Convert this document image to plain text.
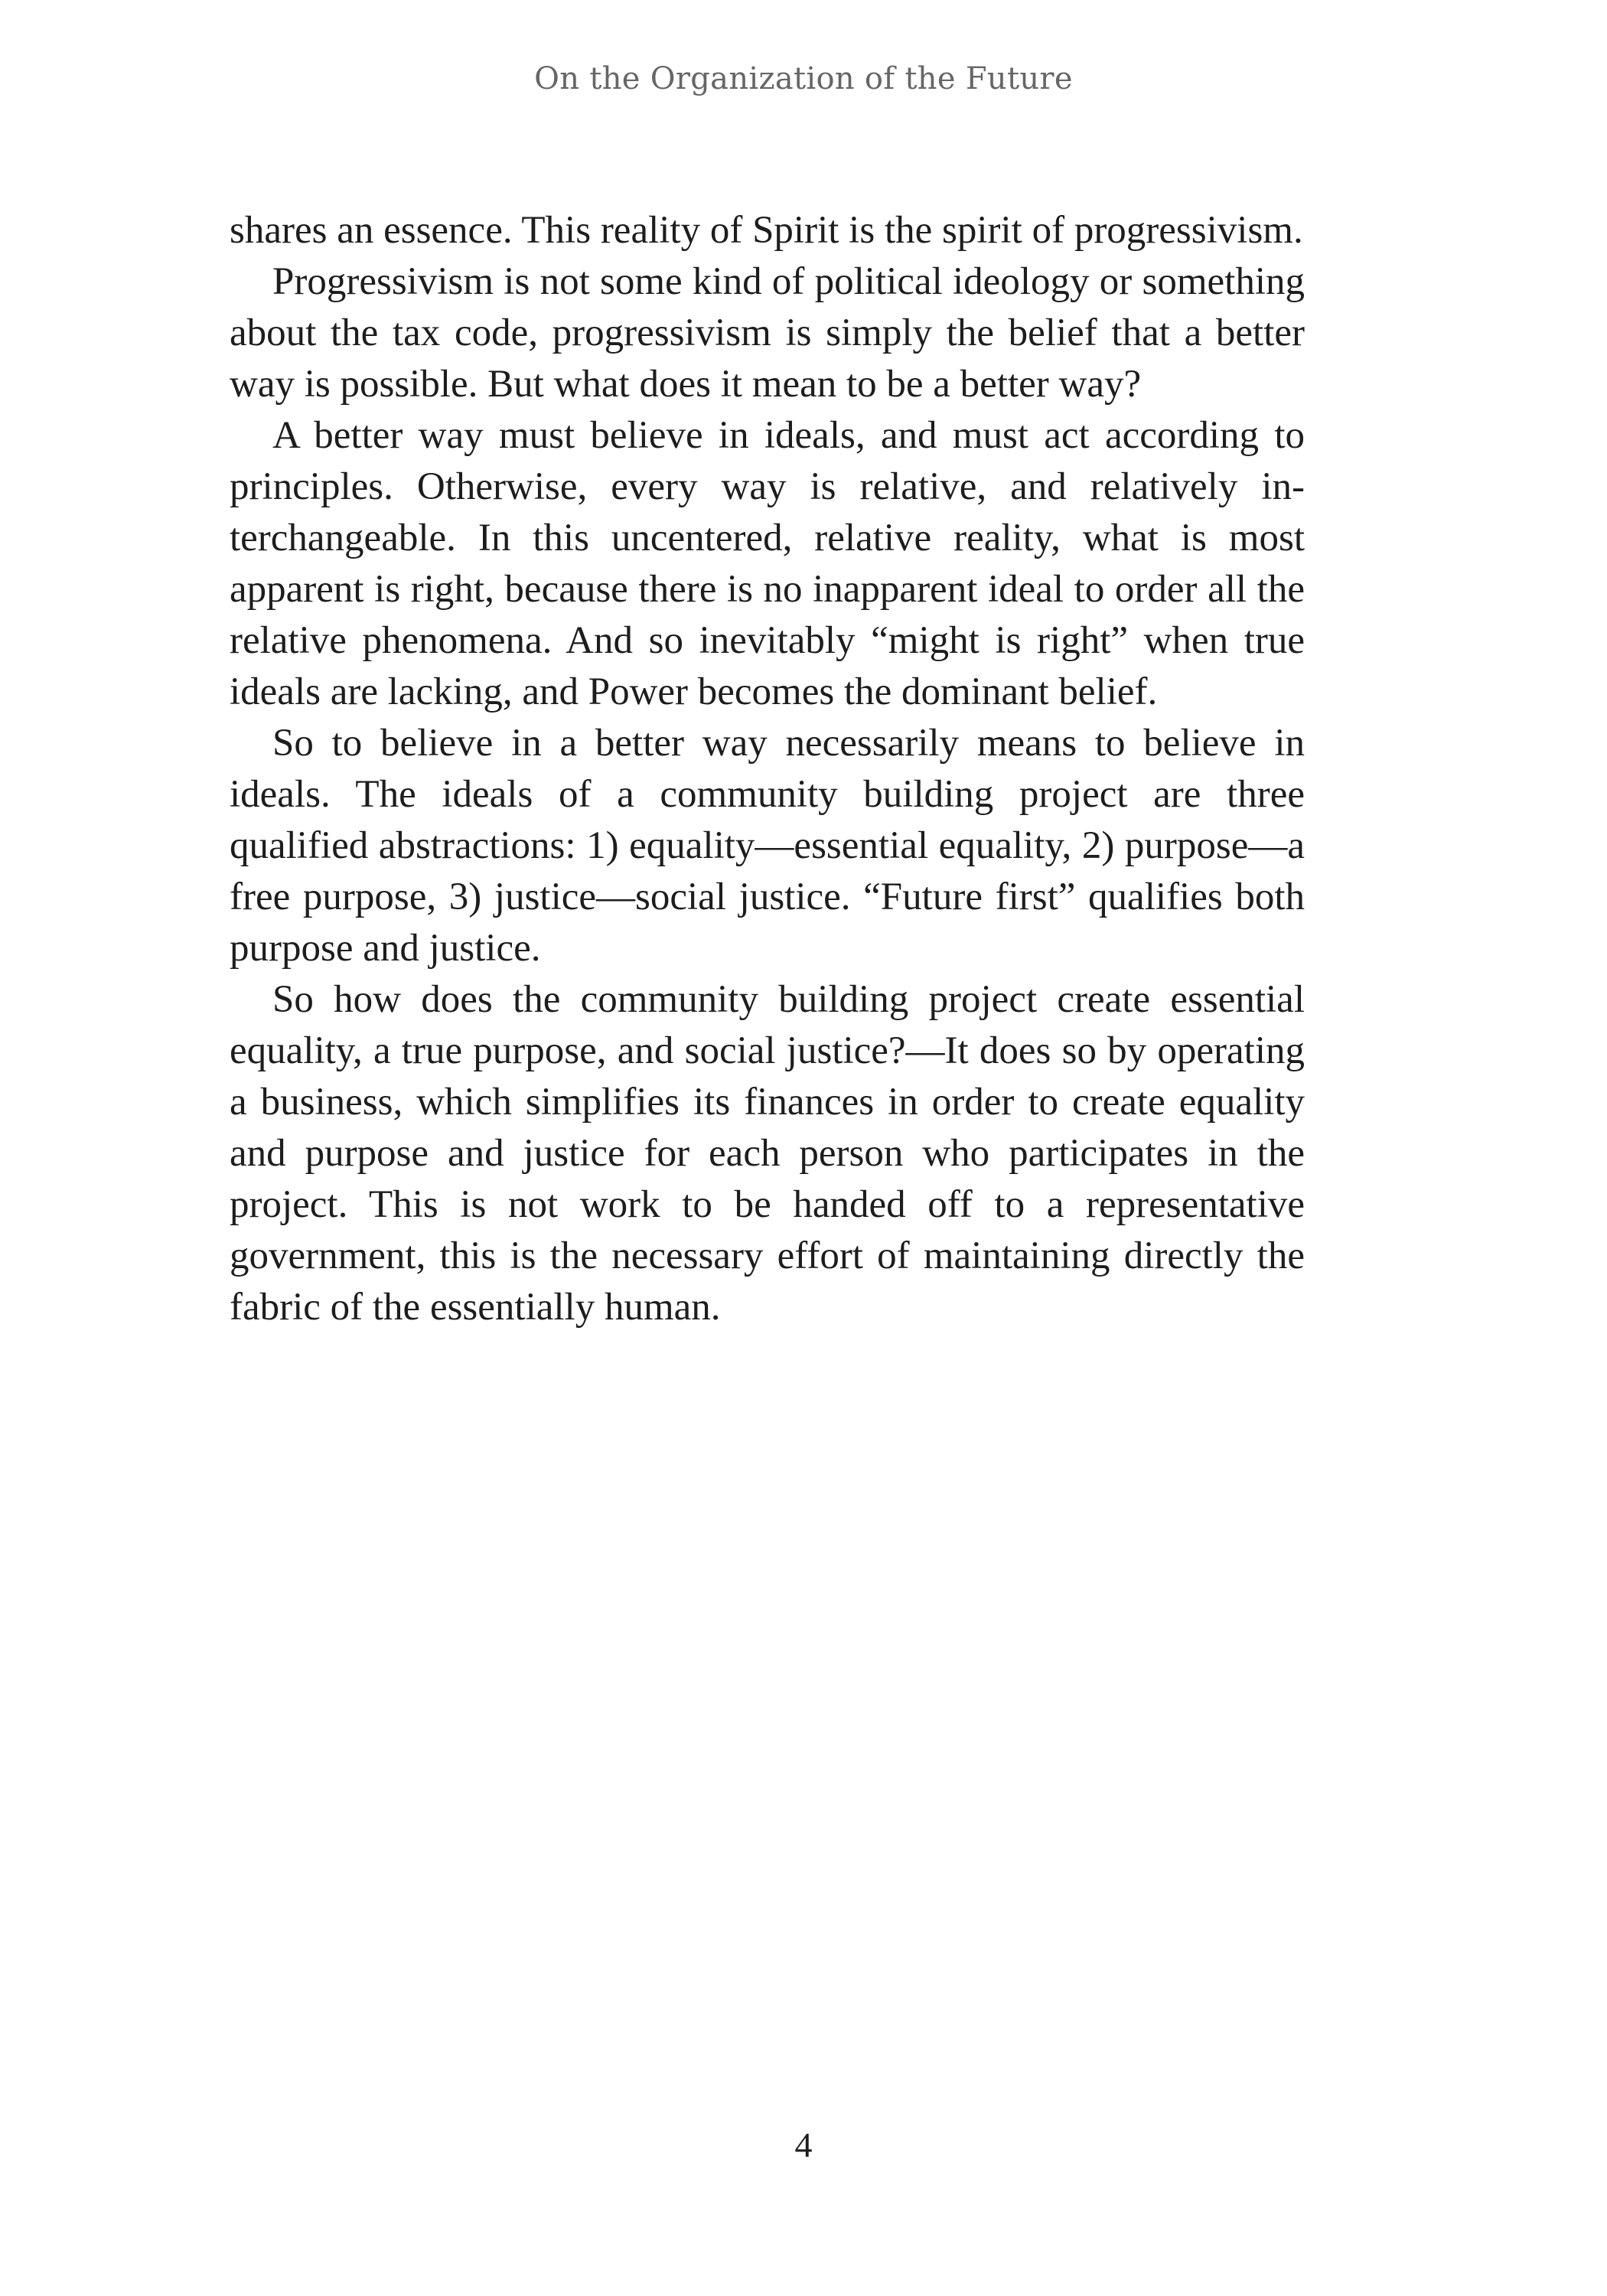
On the Organization of the Future

shares an essence. This reality of Spirit is the spirit of progressivism.

Progressivism is not some kind of political ideology or something about the tax code, progressivism is simply the belief that a better way is possible. But what does it mean to be a better way?

A better way must believe in ideals, and must act according to principles. Otherwise, every way is relative, and relatively interchangeable. In this uncentered, relative reality, what is most apparent is right, because there is no inapparent ideal to order all the relative phenomena. And so inevitably “might is right” when true ideals are lacking, and Power becomes the dominant belief.

So to believe in a better way necessarily means to believe in ideals. The ideals of a community building project are three qualified abstractions: 1) equality—essential equality, 2) purpose—a free purpose, 3) justice—social justice. “Future first” qualifies both purpose and justice.

So how does the community building project create essential equality, a true purpose, and social justice?—It does so by operating a business, which simplifies its finances in order to create equality and purpose and justice for each person who participates in the project. This is not work to be handed off to a representative government, this is the necessary effort of maintaining directly the fabric of the essentially human.

4
